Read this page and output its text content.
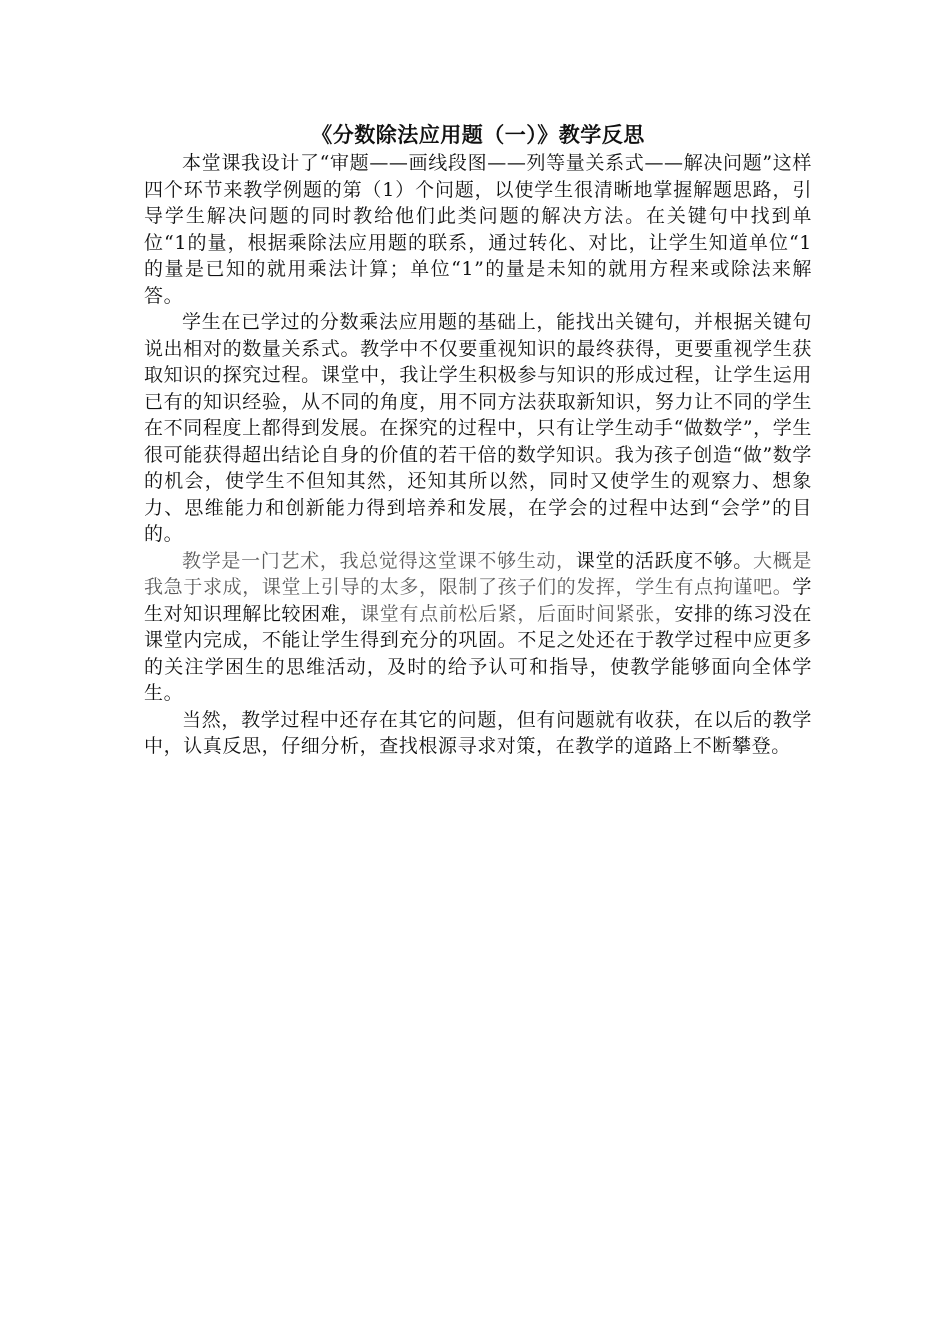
《分数除法应用题（一）》教学反思

本堂课我设计了“审题——画线段图——列等量关系式——解决问题”这样四个环节来教学例题的第（1）个问题，以使学生很清晰地掌握解题思路，引导学生解决问题的同时教给他们此类问题的解决方法。在关键句中找到单位“1的量，根据乘除法应用题的联系，通过转化、对比，让学生知道单位“1的量是已知的就用乘法计算；单位“1”的量是未知的就用方程来或除法来解答。

学生在已学过的分数乘法应用题的基础上，能找出关键句，并根据关键句说出相对的数量关系式。教学中不仅要重视知识的最终获得，更要重视学生获取知识的探究过程。课堂中，我让学生积极参与知识的形成过程，让学生运用已有的知识经验，从不同的角度，用不同方法获取新知识，努力让不同的学生在不同程度上都得到发展。在探究的过程中，只有让学生动手“做数学”，学生很可能获得超出结论自身的价值的若干倍的数学知识。我为孩子创造“做”数学的机会，使学生不但知其然，还知其所以然，同时又使学生的观察力、想象力、思维能力和创新能力得到培养和发展，在学会的过程中达到“会学”的目的。

教学是一门艺术，我总觉得这堂课不够生动，课堂的活跃度不够。大概是我急于求成，课堂上引导的太多，限制了孩子们的发挥，学生有点拘谨吧。学生对知识理解比较困难，课堂有点前松后紧，后面时间紧张，安排的练习没在课堂内完成，不能让学生得到充分的巩固。不足之处还在于教学过程中应更多的关注学困生的思维活动，及时的给予认可和指导，使教学能够面向全体学生。

当然，教学过程中还存在其它的问题，但有问题就有收获，在以后的教学中，认真反思，仔细分析，查找根源寻求对策，在教学的道路上不断攀登。
